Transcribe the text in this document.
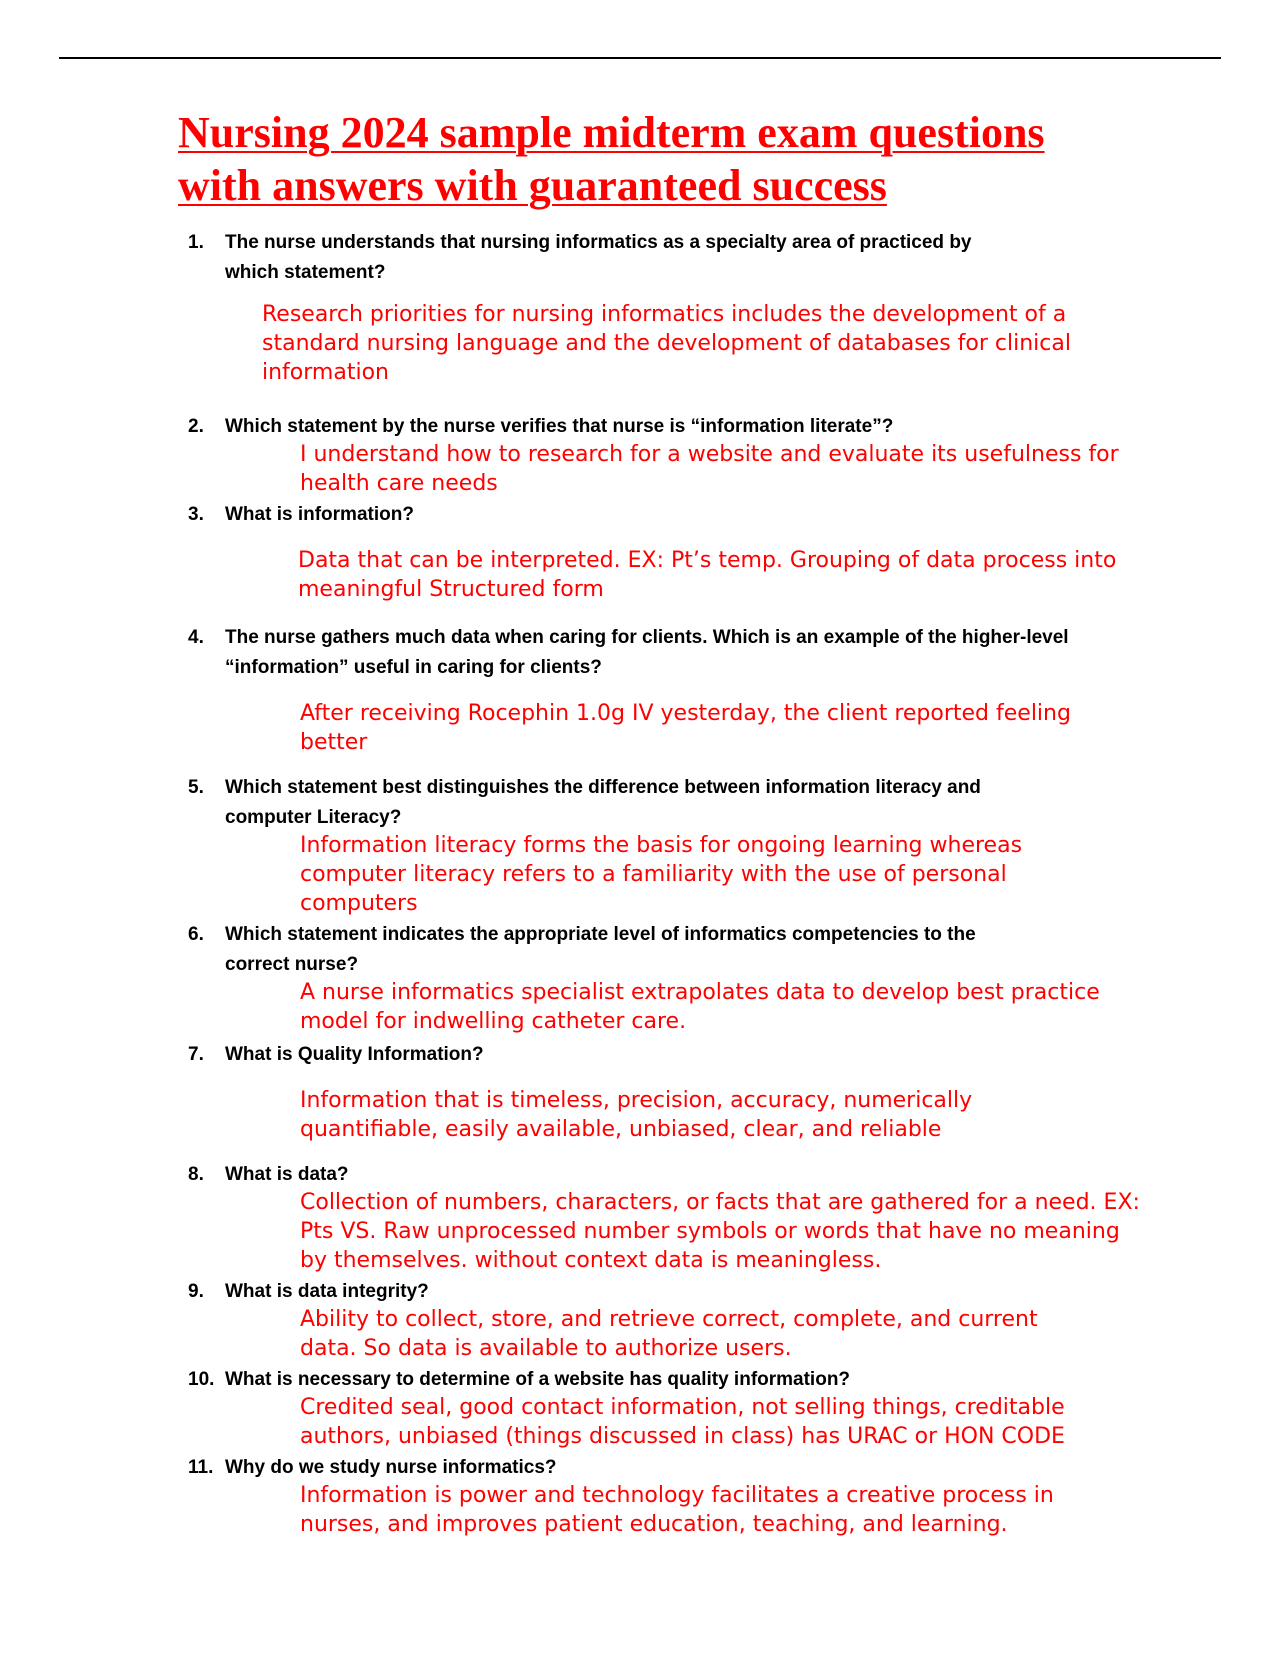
Nursing 2024 sample midterm exam questions
with answers with guaranteed success
1. The nurse understands that nursing informatics as a specialty area of practiced by which statement?
Research priorities for nursing informatics includes the development of a standard nursing language and the development of databases for clinical information
2. Which statement by the nurse verifies that nurse is “information literate”?
I understand how to research for a website and evaluate its usefulness for health care needs
3. What is information?
Data that can be interpreted. EX: Pt’s temp. Grouping of data process into meaningful Structured form
4. The nurse gathers much data when caring for clients. Which is an example of the higher-level “information” useful in caring for clients?
After receiving Rocephin 1.0g IV yesterday, the client reported feeling better
5. Which statement best distinguishes the difference between information literacy and computer Literacy?
Information literacy forms the basis for ongoing learning whereas computer literacy refers to a familiarity with the use of personal computers
6. Which statement indicates the appropriate level of informatics competencies to the correct nurse?
A nurse informatics specialist extrapolates data to develop best practice model for indwelling catheter care.
7. What is Quality Information?
Information that is timeless, precision, accuracy, numerically quantifiable, easily available, unbiased, clear, and reliable
8. What is data?
Collection of numbers, characters, or facts that are gathered for a need. EX: Pts VS. Raw unprocessed number symbols or words that have no meaning by themselves. without context data is meaningless.
9. What is data integrity?
Ability to collect, store, and retrieve correct, complete, and current data. So data is available to authorize users.
10. What is necessary to determine of a website has quality information?
Credited seal, good contact information, not selling things, creditable authors, unbiased (things discussed in class) has URAC or HON CODE
11. Why do we study nurse informatics?
Information is power and technology facilitates a creative process in nurses, and improves patient education, teaching, and learning.
